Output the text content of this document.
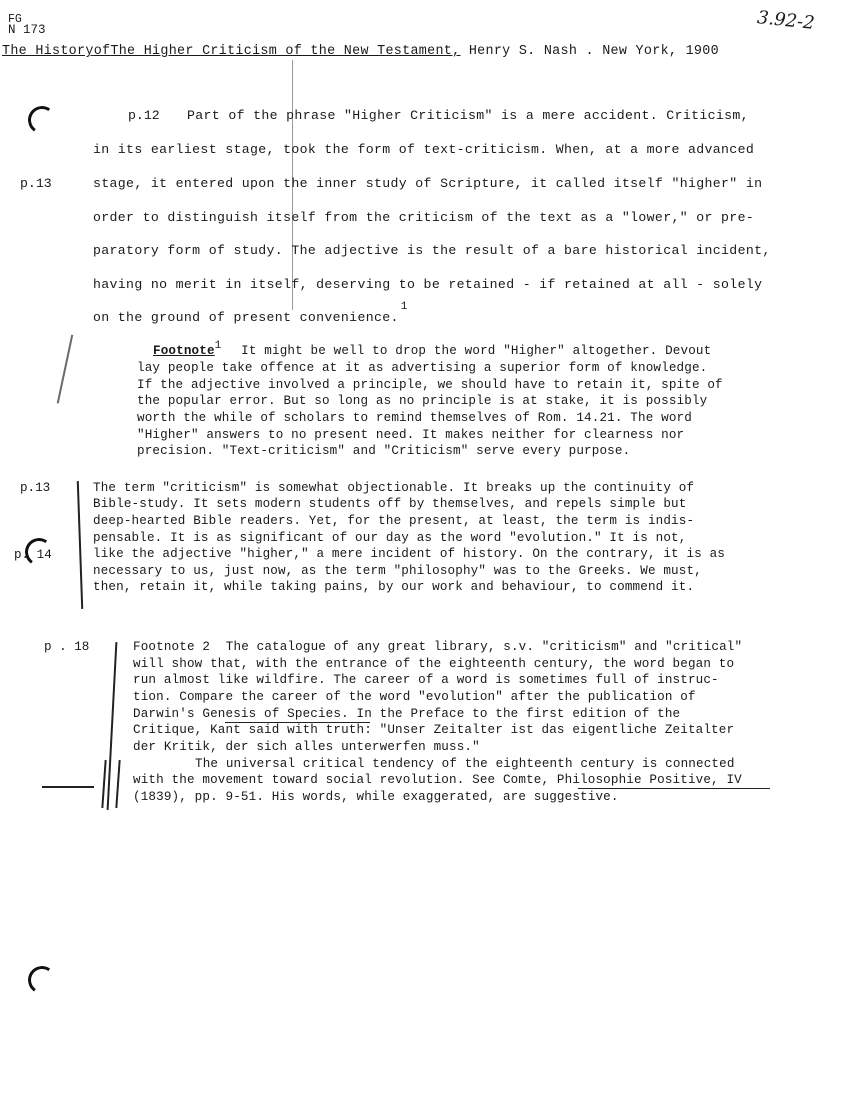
FG
N 173	3.92-2
The HistoryofThe Higher Criticism of the New Testament, Henry S. Nash . New York, 1900
p.12
p.13
Part of the phrase "Higher Criticism" is a mere accident. Criticism,
in its earliest stage, took the form of text-criticism. When, at a more advanced
stage, it entered upon the inner study of Scripture, it called itself "higher" in
order to distinguish itself from the criticism of the text as a "lower," or pre-
paratory form of study. The adjective is the result of a bare historical incident,
having no merit in itself, deserving to be retained - if retained at all - solely
on the ground of present convenience.$^1$
Footnote1 It might be well to drop the word "Higher" altogether. Devout
lay people take offence at it as advertising a superior form of knowledge.
If the adjective involved a principle, we should have to retain it, spite of
the popular error. But so long as no principle is at stake, it is possibly
worth the while of scholars to remind themselves of Rom. 14.21. The word
"Higher" answers to no present need. It makes neither for clearness nor
precision. "Text-criticism" and "Criticism" serve every purpose.
p.13
p. 14
The term "criticism" is somewhat objectionable. It breaks up the continuity of
Bible-study. It sets modern students off by themselves, and repels simple but
deep-hearted Bible readers. Yet, for the present, at least, the term is indis-
pensable. It is as significant of our day as the word "evolution." It is not,
like the adjective "higher," a mere incident of history. On the contrary, it is as
necessary to us, just now, as the term "philosophy" was to the Greeks. We must,
then, retain it, while taking pains, by our work and behaviour, to commend it.
p . 18	Footnote 2 The catalogue of any great library, s.v. "criticism" and "critical"
will show that, with the entrance of the eighteenth century, the word began to
run almost like wildfire. The career of a word is sometimes full of instruc-
tion. Compare the career of the word "evolution" after the publication of
Darwin's Genesis of Species. In the Preface to the first edition of the
Critique, Kant said with truth: "Unser Zeitalter ist das eigentliche Zeitalter
der Kritik, der sich alles unterwerfen muss."
The universal critical tendency of the eighteenth century is connected
with the movement toward social revolution. See Comte, Philosophie Positive, IV
(1839), pp. 9-51. His words, while exaggerated, are suggestive.
